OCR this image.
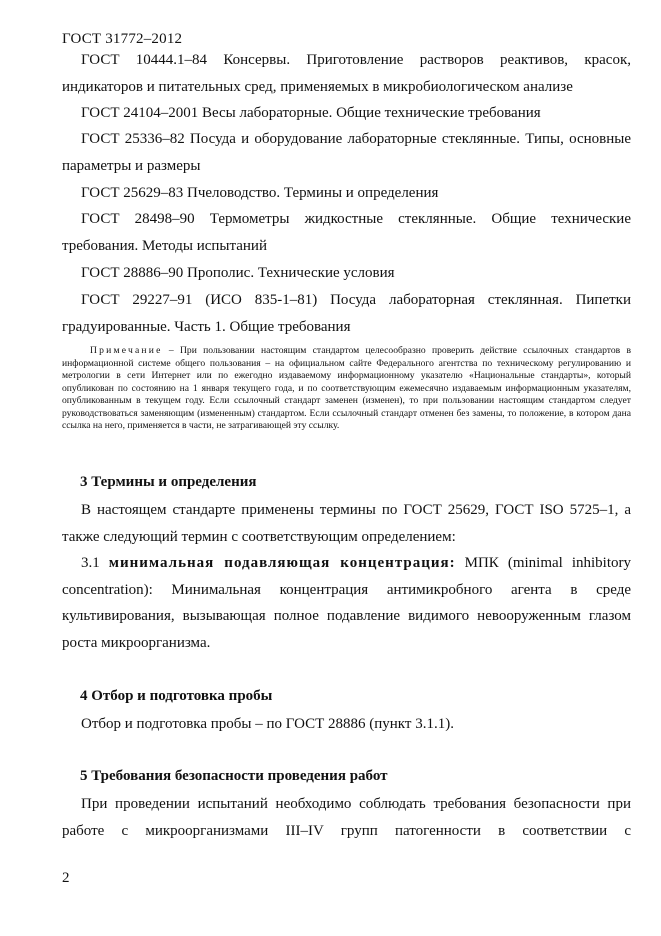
ГОСТ 31772–2012
ГОСТ 10444.1–84 Консервы. Приготовление растворов реактивов, красок, индикаторов и питательных сред, применяемых в микробиологическом анализе
ГОСТ 24104–2001 Весы лабораторные. Общие технические требования
ГОСТ 25336–82 Посуда и оборудование лабораторные стеклянные. Типы, основные параметры и размеры
ГОСТ 25629–83 Пчеловодство. Термины и определения
ГОСТ 28498–90 Термометры жидкостные стеклянные. Общие технические требования. Методы испытаний
ГОСТ 28886–90 Прополис. Технические условия
ГОСТ 29227–91 (ИСО 835-1–81) Посуда лабораторная стеклянная. Пипетки градуированные. Часть 1. Общие требования
Примечание – При пользовании настоящим стандартом целесообразно проверить действие ссылочных стандартов в информационной системе общего пользования – на официальном сайте Федерального агентства по техническому регулированию и метрологии в сети Интернет или по ежегодно издаваемому информационному указателю «Национальные стандарты», который опубликован по состоянию на 1 января текущего года, и по соответствующим ежемесячно издаваемым информационным указателям, опубликованным в текущем году. Если ссылочный стандарт заменен (изменен), то при пользовании настоящим стандартом следует руководствоваться заменяющим (измененным) стандартом. Если ссылочный стандарт отменен без замены, то положение, в котором дана ссылка на него, применяется в части, не затрагивающей эту ссылку.
3 Термины и определения
В настоящем стандарте применены термины по ГОСТ 25629, ГОСТ ISO 5725–1, а также следующий термин с соответствующим определением:
3.1 минимальная подавляющая концентрация: МПК (minimal inhibitory concentration): Минимальная концентрация антимикробного агента в среде культивирования, вызывающая полное подавление видимого невооруженным глазом роста микроорганизма.
4 Отбор и подготовка пробы
Отбор и подготовка пробы – по ГОСТ 28886 (пункт 3.1.1).
5 Требования безопасности проведения работ
При проведении испытаний необходимо соблюдать требования безопасности при работе с микроорганизмами III–IV групп патогенности в соответствии с
2
